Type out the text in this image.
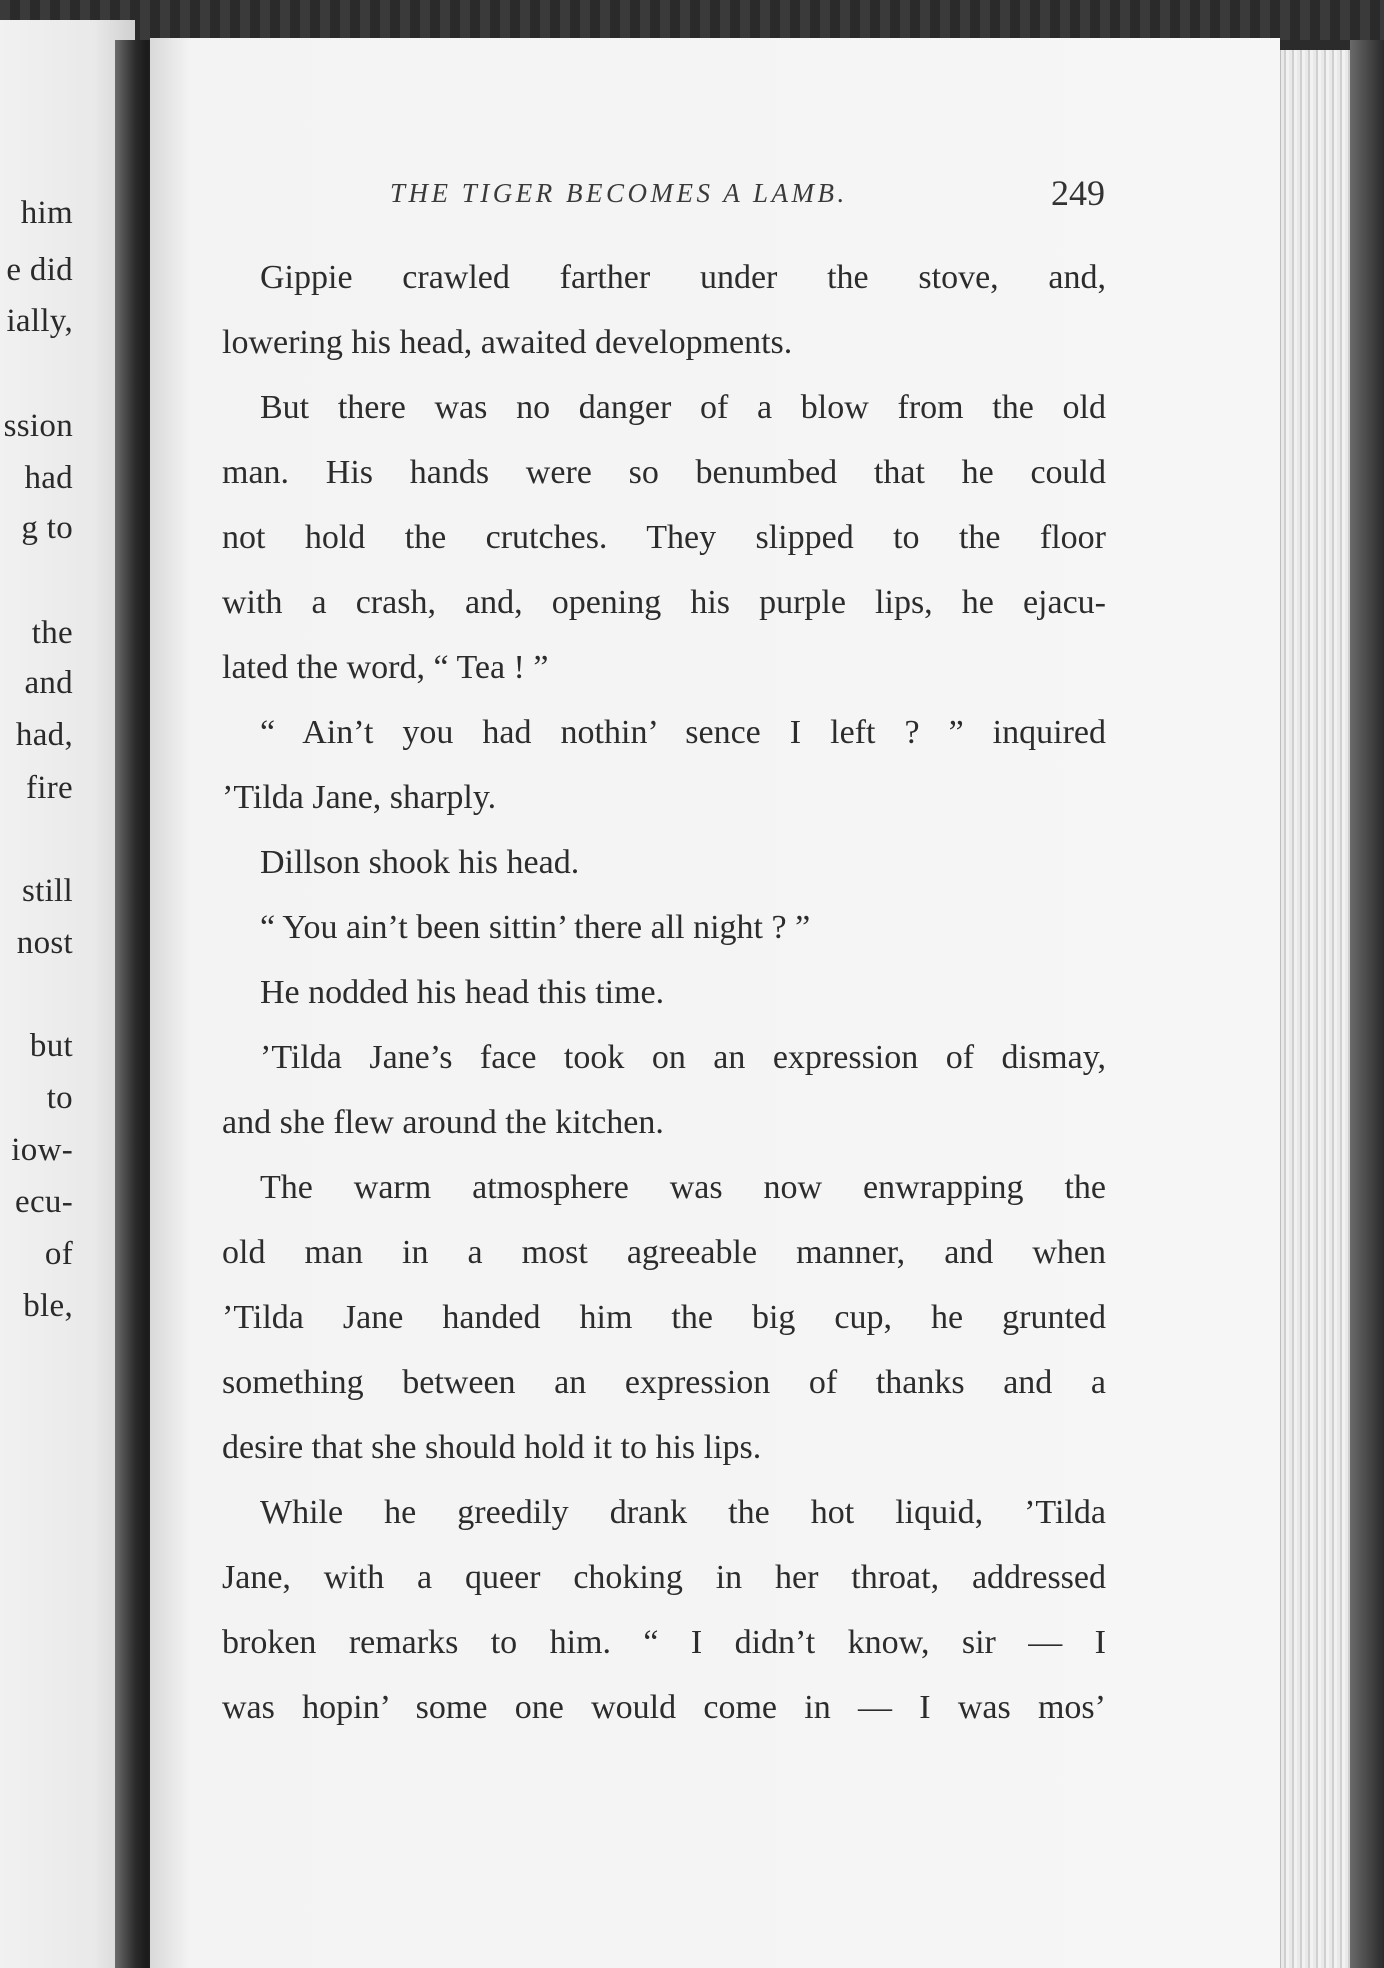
him
e did
ially,
ssion
had
g to
the
and
had,
fire
still
nost
but
to
iow-
ecu-
of
ble,
THE TIGER BECOMES A LAMB.	249
Gippie crawled farther under the stove, and,
lowering his head, awaited developments.
But there was no danger of a blow from the old
man. His hands were so benumbed that he could
not hold the crutches. They slipped to the floor
with a crash, and, opening his purple lips, he ejacu-
lated the word, “ Tea ! ”
“ Ain’t you had nothin’ sence I left ? ” inquired
’Tilda Jane, sharply.
Dillson shook his head.
“ You ain’t been sittin’ there all night ? ”
He nodded his head this time.
’Tilda Jane’s face took on an expression of dismay,
and she flew around the kitchen.
The warm atmosphere was now enwrapping the
old man in a most agreeable manner, and when
’Tilda Jane handed him the big cup, he grunted
something between an expression of thanks and a
desire that she should hold it to his lips.
While he greedily drank the hot liquid, ’Tilda
Jane, with a queer choking in her throat, addressed
broken remarks to him. “ I didn’t know, sir — I
was hopin’ some one would come in — I was mos’
